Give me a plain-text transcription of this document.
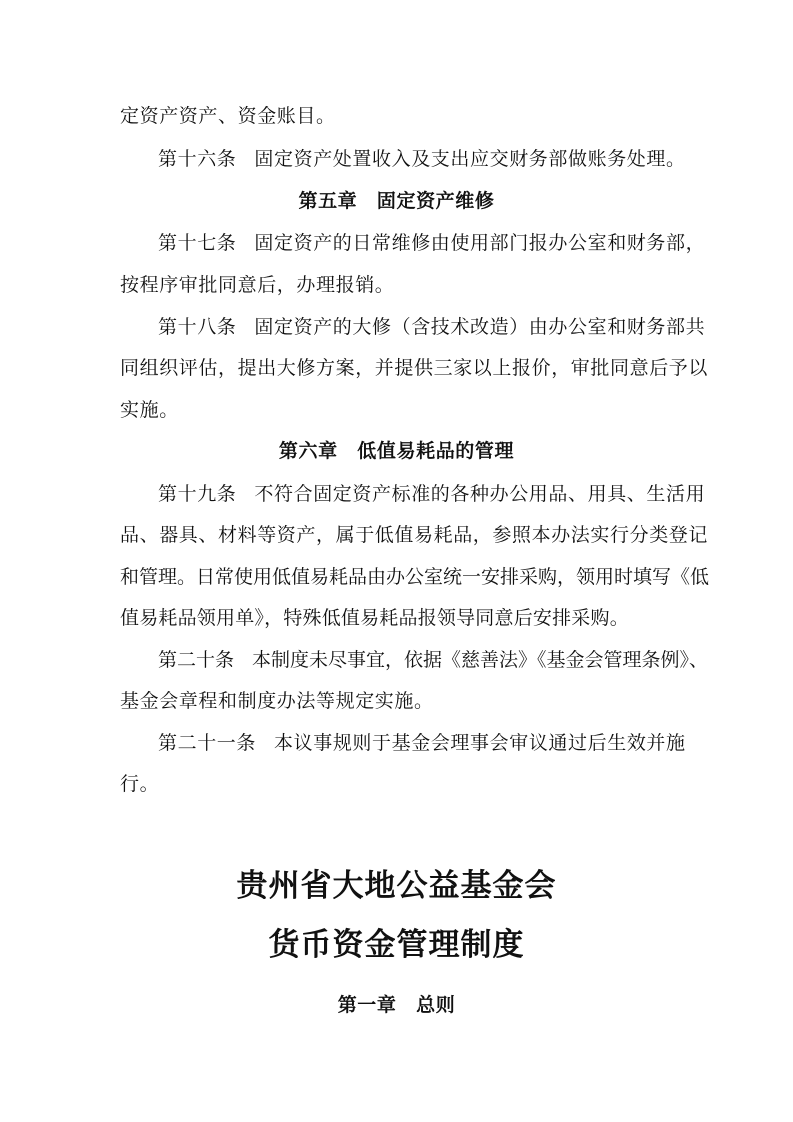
定资产资产、资金账目。
第十六条 固定资产处置收入及支出应交财务部做账务处理。
第五章　固定资产维修
第十七条 固定资产的日常维修由使用部门报办公室和财务部，
按程序审批同意后，办理报销。
第十八条 固定资产的大修（含技术改造）由办公室和财务部共
同组织评估，提出大修方案，并提供三家以上报价，审批同意后予以
实施。
第六章　低值易耗品的管理
第十九条 不符合固定资产标准的各种办公用品、用具、生活用
品、器具、材料等资产，属于低值易耗品，参照本办法实行分类登记
和管理。日常使用低值易耗品由办公室统一安排采购，领用时填写《低
值易耗品领用单》，特殊低值易耗品报领导同意后安排采购。
第二十条 本制度未尽事宜，依据《慈善法》《基金会管理条例》、
基金会章程和制度办法等规定实施。
第二十一条 本议事规则于基金会理事会审议通过后生效并施
行。
贵州省大地公益基金会
货币资金管理制度
第一章　总则
